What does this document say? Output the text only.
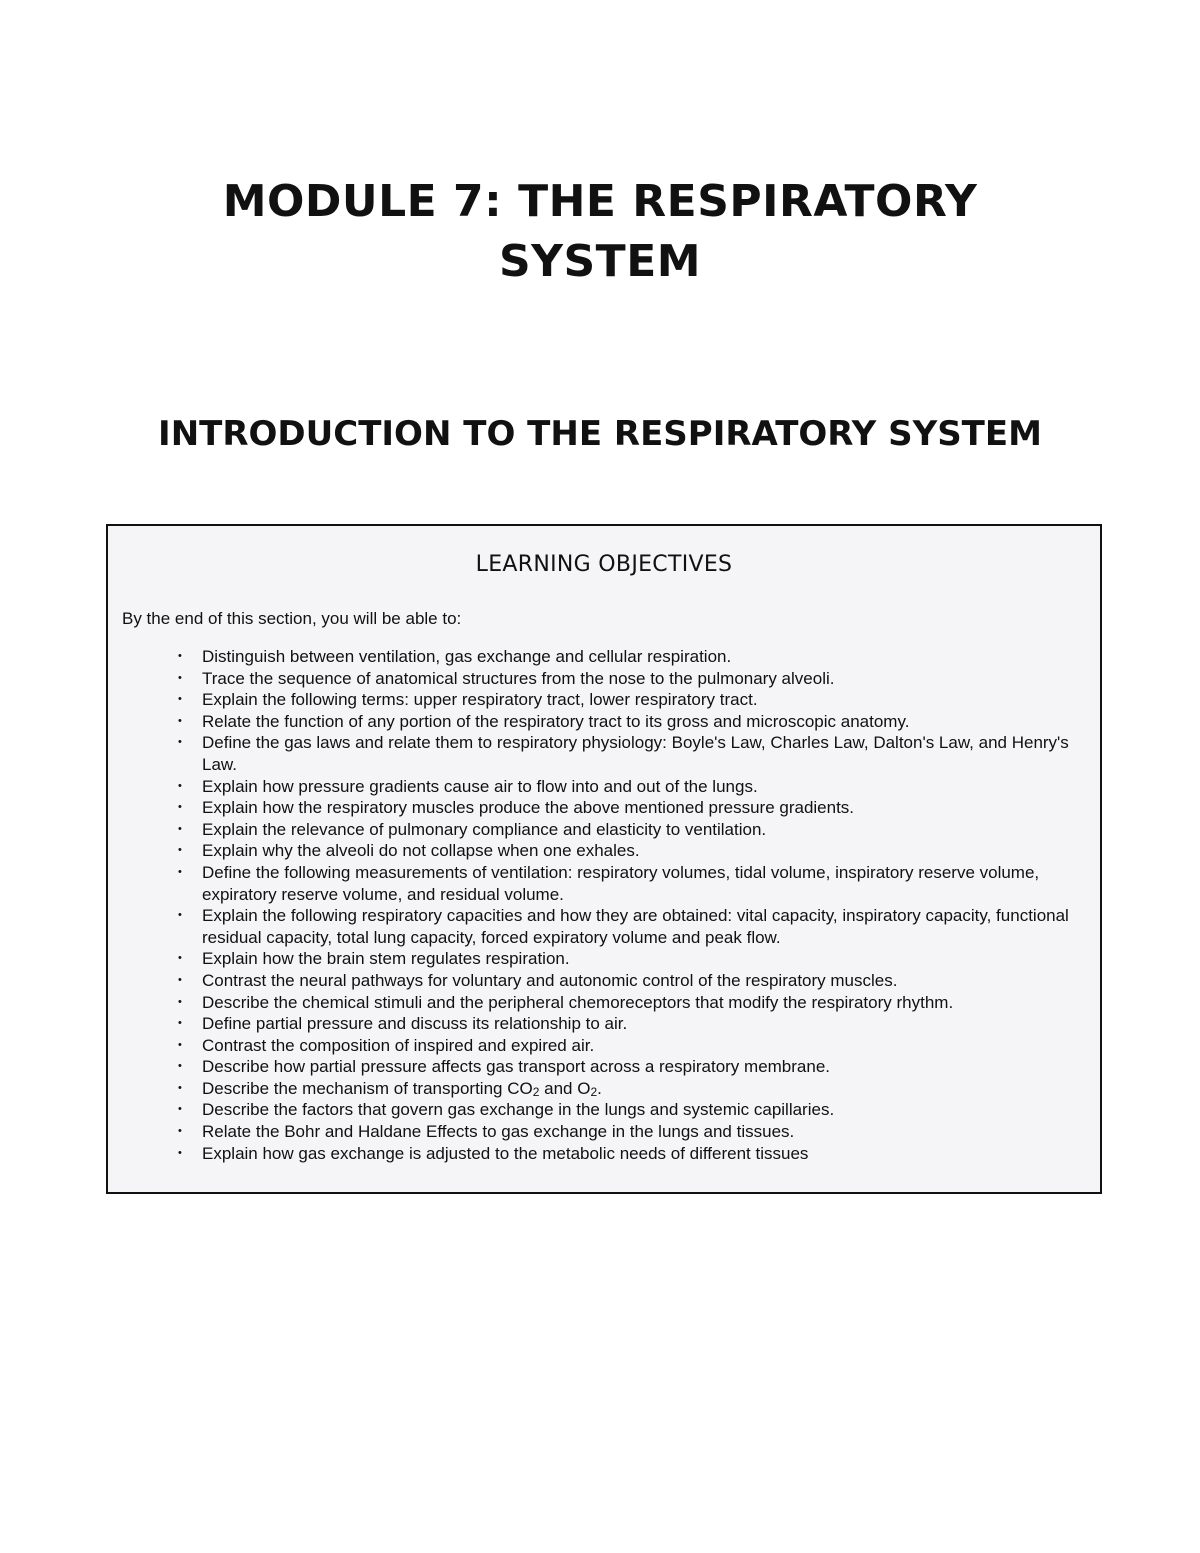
MODULE 7: THE RESPIRATORY
SYSTEM
INTRODUCTION TO THE RESPIRATORY SYSTEM
LEARNING OBJECTIVES
By the end of this section, you will be able to:
• Distinguish between ventilation, gas exchange and cellular respiration.
• Trace the sequence of anatomical structures from the nose to the pulmonary alveoli.
• Explain the following terms: upper respiratory tract, lower respiratory tract.
• Relate the function of any portion of the respiratory tract to its gross and microscopic anatomy.
• Define the gas laws and relate them to respiratory physiology: Boyle's Law, Charles Law, Dalton's Law, and Henry's Law.
• Explain how pressure gradients cause air to flow into and out of the lungs.
• Explain how the respiratory muscles produce the above mentioned pressure gradients.
• Explain the relevance of pulmonary compliance and elasticity to ventilation.
• Explain why the alveoli do not collapse when one exhales.
• Define the following measurements of ventilation: respiratory volumes, tidal volume, inspiratory reserve volume, expiratory reserve volume, and residual volume.
• Explain the following respiratory capacities and how they are obtained: vital capacity, inspiratory capacity, functional residual capacity, total lung capacity, forced expiratory volume and peak flow.
• Explain how the brain stem regulates respiration.
• Contrast the neural pathways for voluntary and autonomic control of the respiratory muscles.
• Describe the chemical stimuli and the peripheral chemoreceptors that modify the respiratory rhythm.
• Define partial pressure and discuss its relationship to air.
• Contrast the composition of inspired and expired air.
• Describe how partial pressure affects gas transport across a respiratory membrane.
• Describe the mechanism of transporting $CO_2$ and $O_2$.
• Describe the factors that govern gas exchange in the lungs and systemic capillaries.
• Relate the Bohr and Haldane Effects to gas exchange in the lungs and tissues.
• Explain how gas exchange is adjusted to the metabolic needs of different tissues
